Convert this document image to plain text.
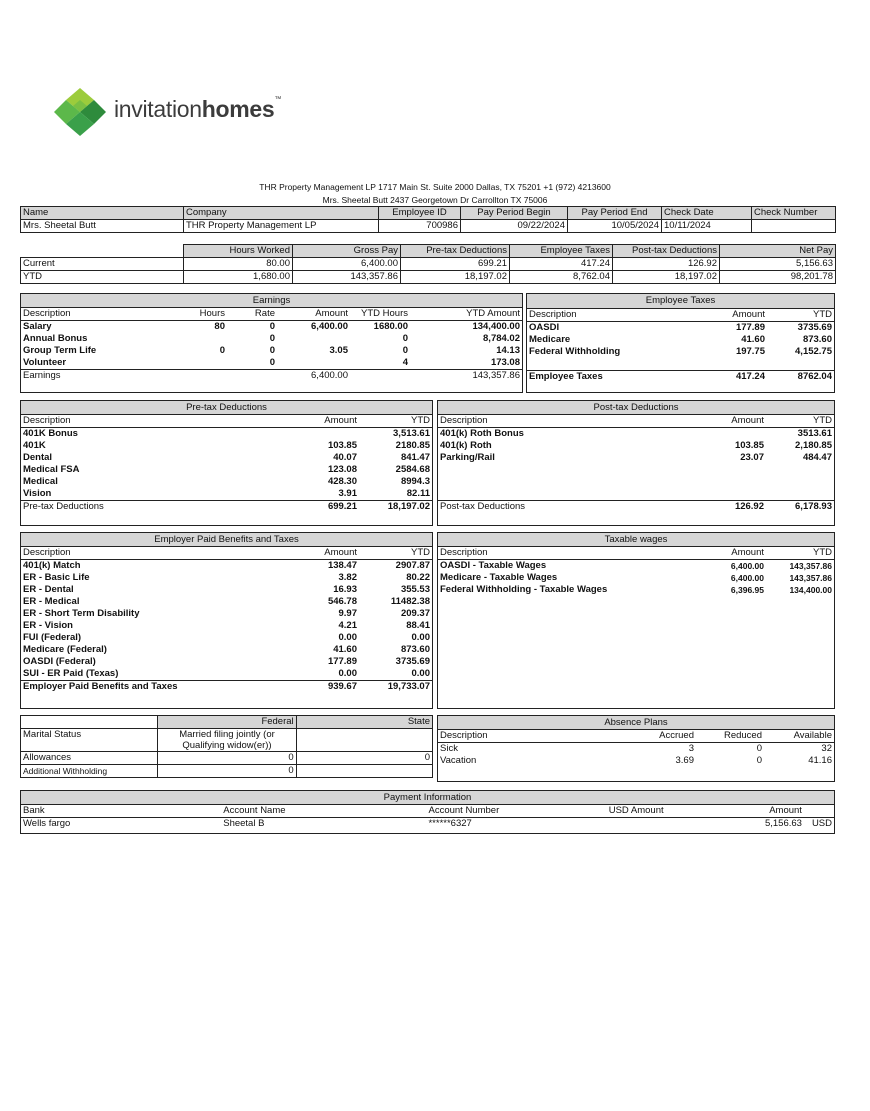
invitationhomes™
THR Property Management LP 1717 Main St. Suite 2000 Dallas, TX 75201 +1 (972) 4213600
Mrs. Sheetal Butt 2437 Georgetown Dr Carrollton TX 75006
Name	Company	Employee ID	Pay Period Begin	Pay Period End	Check Date	Check Number
Mrs. Sheetal Butt	THR Property Management LP	700986	09/22/2024	10/05/2024	10/11/2024	
	Hours Worked	Gross Pay	Pre-tax Deductions	Employee Taxes	Post-tax Deductions	Net Pay
Current	80.00	6,400.00	699.21	417.24	126.92	5,156.63
YTD	1,680.00	143,357.86	18,197.02	8,762.04	18,197.02	98,201.78
Earnings
Description	Hours	Rate	Amount	YTD Hours	YTD Amount
Salary	80	0	6,400.00	1680.00	134,400.00
Annual Bonus		0		0	8,784.02
Group Term Life	0	0	3.05	0	14.13
Volunteer		0		4	173.08
Earnings			6,400.00		143,357.86
Employee Taxes
Description	Amount	YTD
OASDI	177.89	3735.69
Medicare	41.60	873.60
Federal Withholding	197.75	4,152.75

Employee Taxes	417.24	8762.04
Pre-tax Deductions
Description	Amount	YTD
401K Bonus		3,513.61
401K	103.85	2180.85
Dental	40.07	841.47
Medical FSA	123.08	2584.68
Medical	428.30	8994.3
Vision	3.91	82.11
Pre-tax Deductions	699.21	18,197.02
Post-tax Deductions
Description	Amount	YTD
401(k) Roth Bonus		3513.61
401(k) Roth	103.85	2,180.85
Parking/Rail	23.07	484.47

Post-tax Deductions	126.92	6,178.93
Employer Paid Benefits and Taxes
Description	Amount	YTD
401(k) Match	138.47	2907.87
ER - Basic Life	3.82	80.22
ER - Dental	16.93	355.53
ER - Medical	546.78	11482.38
ER - Short Term Disability	9.97	209.37
ER - Vision	4.21	88.41
FUI (Federal)	0.00	0.00
Medicare (Federal)	41.60	873.60
OASDI (Federal)	177.89	3735.69
SUI - ER Paid (Texas)	0.00	0.00
Employer Paid Benefits and Taxes	939.67	19,733.07
Taxable wages
Description	Amount	YTD
OASDI - Taxable Wages	6,400.00	143,357.86
Medicare - Taxable Wages	6,400.00	143,357.86
Federal Withholding - Taxable Wages	6,396.95	134,400.00
	Federal	State
Marital Status	Married filing jointly (or Qualifying widow(er))	
Allowances	0	0
Additional Withholding	0	
Absence Plans
Description	Accrued	Reduced	Available
Sick	3	0	32
Vacation	3.69	0	41.16
Payment Information
Bank	Account Name	Account Number	USD Amount	Amount	
Wells fargo	Sheetal B	******6327		5,156.63	USD
